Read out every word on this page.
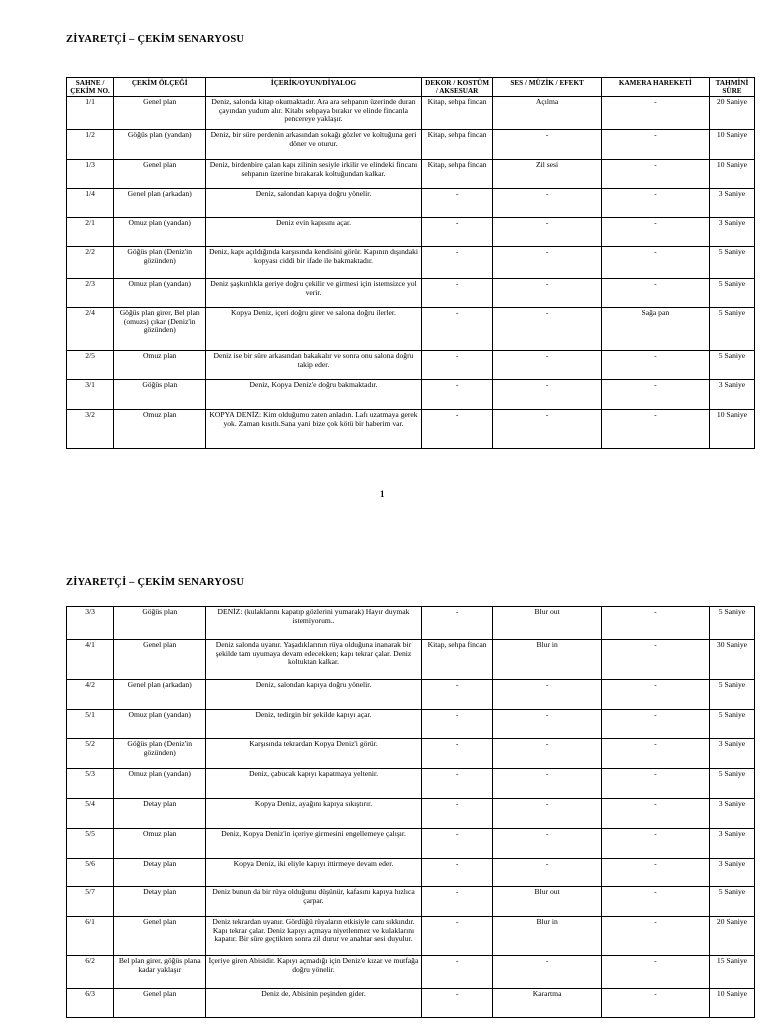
ZİYARETÇİ – ÇEKİM SENARYOSU
SAHNE / ÇEKİM NO.	ÇEKİM ÖLÇEĞİ	İÇERİK/OYUN/DİYALOG	DEKOR / KOSTÜM / AKSESUAR	SES / MÜZİK / EFEKT	KAMERA HAREKETİ	TAHMİNİ SÜRE
1/1	Genel plan	Deniz, salonda kitap okumaktadır. Ara ara sehpanın üzerinde duran çayından yudum alır. Kitabı sehpaya bırakır ve elinde fincanla pencereye yaklaşır.	Kitap, sehpa fincan	Açılma	-	20 Saniye
1/2	Göğüs plan (yandan)	Deniz, bir süre perdenin arkasından sokağı gözler ve koltuğuna geri döner ve oturur.	Kitap, sehpa fincan	-	-	10 Saniye
1/3	Genel plan	Deniz, birdenbire çalan kapı zilinin sesiyle irkilir ve elindeki fincanı sehpanın üzerine bırakarak koltuğundan kalkar.	Kitap, sehpa fincan	Zil sesi	-	10 Saniye
1/4	Genel plan (arkadan)	Deniz, salondan kapıya doğru yönelir.	-	-	-	3 Saniye
2/1	Omuz plan (yandan)	Deniz evin kapısını açar.	-	-	-	3 Saniye
2/2	Göğüs plan (Deniz'in gözünden)	Deniz, kapı açıldığında karşısında kendisini görür. Kapının dışındaki kopyası ciddi bir ifade ile bakmaktadır.	-	-	-	5 Saniye
2/3	Omuz plan (yandan)	Deniz şaşkınlıkla geriye doğru çekilir ve girmesi için istemsizce yol verir.	-	-	-	5 Saniye
2/4	Göğüs plan girer, Bel plan (omuzs) çıkar (Deniz'in gözünden)	Kopya Deniz, içeri doğru girer ve salona doğru ilerler.	-	-	Sağa pan	5 Saniye
2/5	Omuz plan	Deniz ise bir süre arkasından bakakalır ve sonra onu salona doğru takip eder.	-	-	-	5 Saniye
3/1	Göğüs plan	Deniz, Kopya Deniz'e doğru bakmaktadır.	-	-	-	3 Saniye
3/2	Omuz plan	KOPYA DENİZ: Kim olduğumu zaten anladın. Lafı uzatmaya gerek yok. Zaman kısıtlı.Sana yani bize çok kötü bir haberim var.	-	-	-	10 Saniye
1
ZİYARETÇİ – ÇEKİM SENARYOSU
3/3	Göğüs plan	DENİZ: (kulaklarını kapatıp gözlerini yumarak) Hayır duymak istemiyorum..	-	Blur out	-	5 Saniye
4/1	Genel plan	Deniz salonda uyanır. Yaşadıklarının rüya olduğuna inanarak bir şekilde tam uyumaya devam edecekken; kapı tekrar çalar. Deniz koltuktan kalkar.	Kitap, sehpa fincan	Blur in	-	30 Saniye
4/2	Genel plan (arkadan)	Deniz, salondan kapıya doğru yönelir.	-	-	-	5 Saniye
5/1	Omuz plan (yandan)	Deniz, tedirgin bir şekilde kapıyı açar.	-	-	-	5 Saniye
5/2	Göğüs plan (Deniz'in gözünden)	Karşısında tekrardan Kopya Deniz'i görür.	-	-	-	3 Saniye
5/3	Omuz plan (yandan)	Deniz, çabucak kapıyı kapatmaya yeltenir.	-	-	-	5 Saniye
5/4	Detay plan	Kopya Deniz, ayağını kapıya sıkıştırır.	-	-	-	3 Saniye
5/5	Omuz plan	Deniz, Kopya Deniz'in içeriye girmesini engellemeye çalışır.	-	-	-	3 Saniye
5/6	Detay plan	Kopya Deniz, iki eliyle kapıyı ittirmeye devam eder.	-	-	-	3 Saniye
5/7	Detay plan	Deniz bunun da bir rüya olduğunu düşünür, kafasını kapıya hızlıca çarpar.	-	Blur out	-	5 Saniye
6/1	Genel plan	Deniz tekrardan uyanır. Gördüğü rüyaların etkisiyle canı sıkkındır. Kapı tekrar çalar. Deniz kapıyı açmaya niyetlenmez ve kulaklarını kapatır. Bir süre geçtikten sonra zil durur ve anahtar sesi duyulur.	-	Blur in	-	20 Saniye
6/2	Bel plan girer, göğüs plana kadar yaklaşır	İçeriye giren Abisidir. Kapıyı açmadığı için Deniz'e kızar ve mutfağa doğru yönelir.	-	-	-	15 Saniye
6/3	Genel plan	Deniz de, Abisinin peşinden gider.	-	Karartma	-	10 Saniye
